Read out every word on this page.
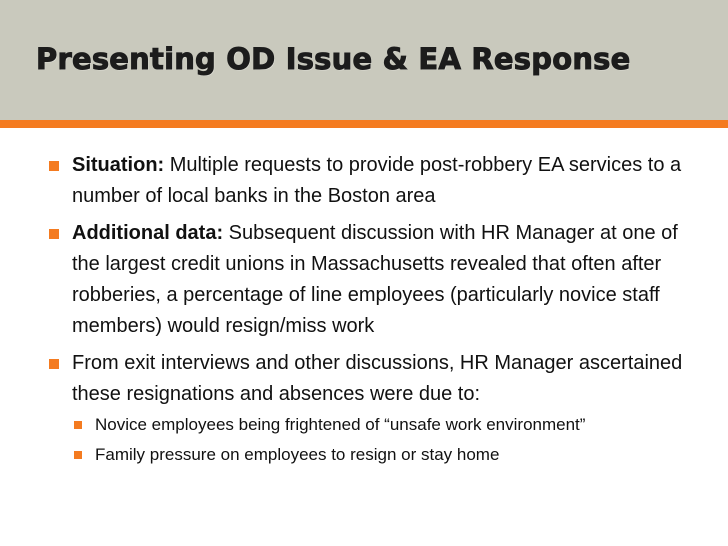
Presenting OD Issue & EA Response
Situation: Multiple requests to provide post-robbery EA services to a number of local banks in the Boston area
Additional data: Subsequent discussion with HR Manager at one of the largest credit unions in Massachusetts revealed that often after robberies, a percentage of line employees (particularly novice staff members) would resign/miss work
From exit interviews and other discussions, HR Manager ascertained these resignations and absences were due to:
Novice employees being frightened of “unsafe work environment”
Family pressure on employees to resign or stay home
